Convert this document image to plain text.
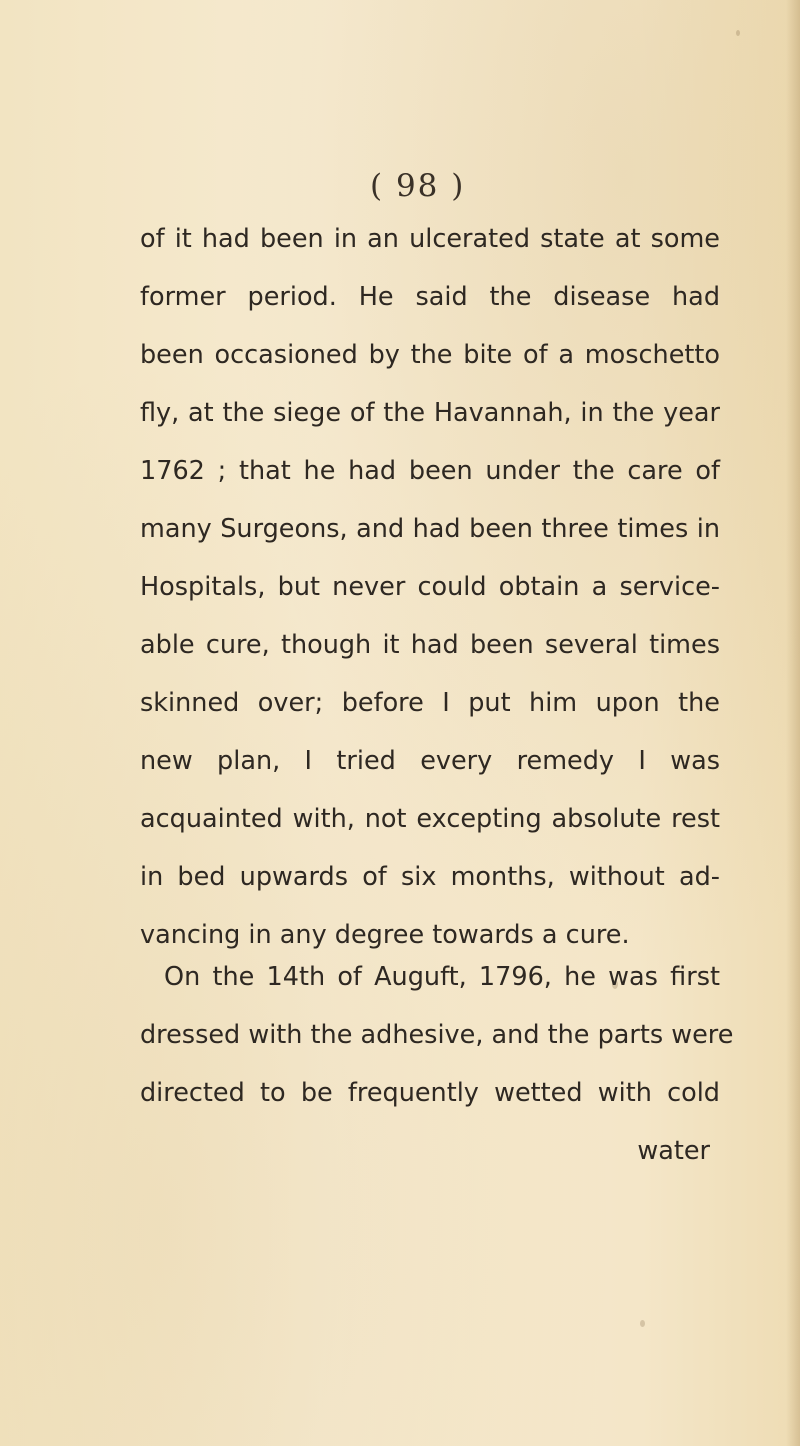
( 98 )
of it had been in an ulcerated state at some
former period. He said the disease had
been occasioned by the bite of a moschetto
fly, at the siege of the Havannah, in the year
1762 ; that he had been under the care of
many Surgeons, and had been three times in
Hospitals, but never could obtain a service-
able cure, though it had been several times
skinned over; before I put him upon the
new plan, I tried every remedy I was
acquainted with, not excepting absolute rest
in bed upwards of six months, without ad-
vancing in any degree towards a cure.
On the 14th of Auguft, 1796, he was first
dressed with the adhesive, and the parts were
directed to be frequently wetted with cold
water
